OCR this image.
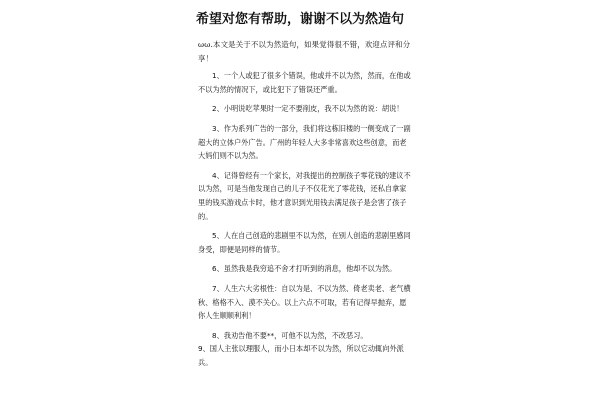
希望对您有帮助，谢谢不以为然造句

ωω.本文是关于不以为然造句，如果觉得很不错，欢迎点评和分享！

1、一个人或犯了很多个错误，他或并不以为然，然而，在他或不以为然的情况下，或比犯下了错误还严重。

2、小明说吃苹果时一定不要削皮，我不以为然的说：胡说！

3、作为系列广告的一部分，我们将这栋旧楼的一侧变成了一副超大的立体户外广告。广州的年轻人大多非常喜欢这些创意，而老大妈们则不以为然。

4、记得曾经有一个家长，对我提出的控制孩子零花钱的建议不以为然，可是当他发现自己的儿子不仅花光了零花钱，还私自拿家里的钱买游戏点卡时，他才意识到光用钱去满足孩子是会害了孩子的。

5、人在自己创造的悲剧里不以为然，在别人创造的悲剧里感同身受，即便是同样的情节。

6、虽然我是我穷追不舍才打听到的消息，他却不以为然。

7、人生六大劣根性：自以为是、不以为然、倚老卖老、老气横秋、格格不入、漠不关心。以上六点不可取，若有记得早抛弃，愿你人生顺顺利利！

8、我劝告他不要**，可他不以为然，不改恶习。

9、国人主张以理服人，而小日本却不以为然，所以它动辄向外派兵。
